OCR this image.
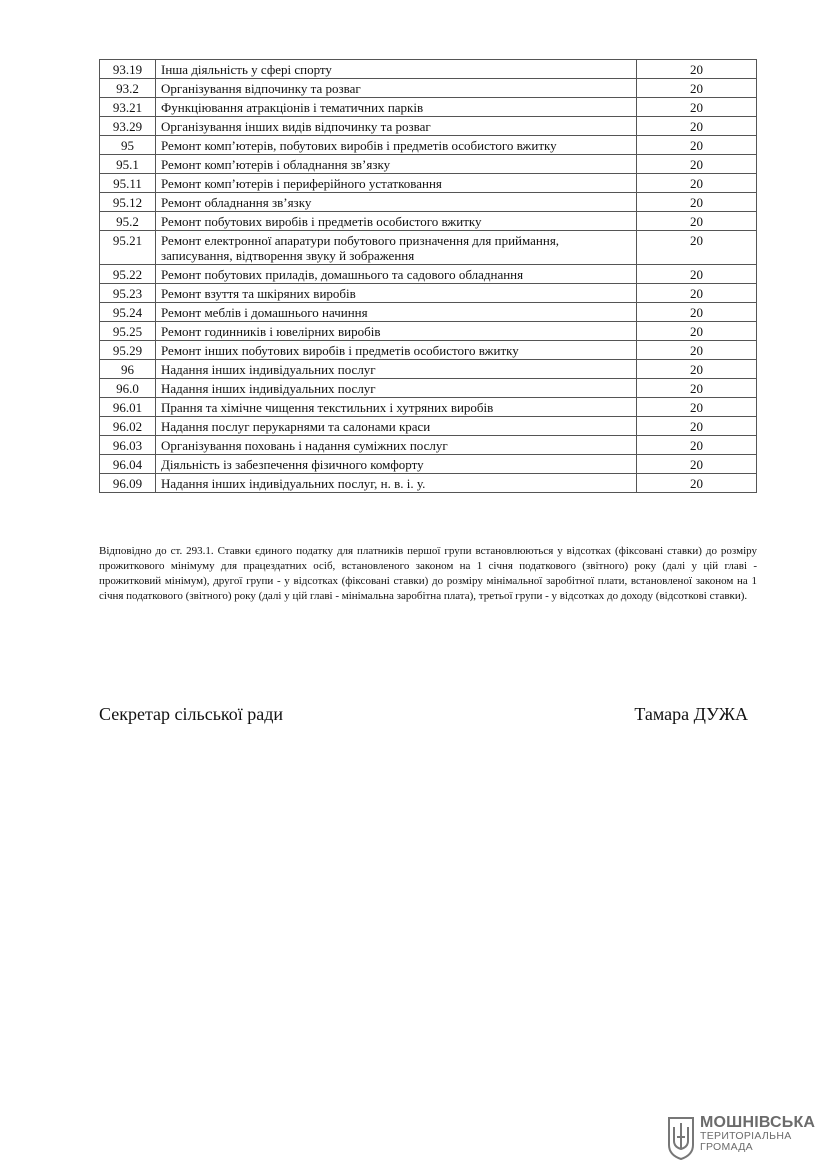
93.19	Інша діяльність у сфері спорту	20
93.2	Організування відпочинку та розваг	20
93.21	Функціювання атракціонів і тематичних парків	20
93.29	Організування інших видів відпочинку та розваг	20
95	Ремонт комп’ютерів, побутових виробів і предметів особистого вжитку	20
95.1	Ремонт комп’ютерів і обладнання зв’язку	20
95.11	Ремонт комп’ютерів і периферійного устатковання	20
95.12	Ремонт обладнання зв’язку	20
95.2	Ремонт побутових виробів і предметів особистого вжитку	20
95.21	Ремонт електронної апаратури побутового призначення для приймання, записування, відтворення звуку й зображення	20
95.22	Ремонт побутових приладів, домашнього та садового обладнання	20
95.23	Ремонт взуття та шкіряних виробів	20
95.24	Ремонт меблів і домашнього начиння	20
95.25	Ремонт годинників і ювелірних виробів	20
95.29	Ремонт інших побутових виробів і предметів особистого вжитку	20
96	Надання інших індивідуальних послуг	20
96.0	Надання інших індивідуальних послуг	20
96.01	Прання та хімічне чищення текстильних і хутряних виробів	20
96.02	Надання послуг перукарнями та салонами краси	20
96.03	Організування поховань і надання суміжних послуг	20
96.04	Діяльність із забезпечення фізичного комфорту	20
96.09	Надання інших індивідуальних послуг, н. в. і. у.	20

Відповідно до ст. 293.1. Ставки єдиного податку для платників першої групи встановлюються у відсотках (фіксовані ставки) до розміру прожиткового мінімуму для працездатних осіб, встановленого законом на 1 січня податкового (звітного) року (далі у цій главі - прожитковий мінімум), другої групи - у відсотках (фіксовані ставки) до розміру мінімальної заробітної плати, встановленої законом на 1 січня податкового (звітного) року (далі у цій главі - мінімальна заробітна плата), третьої групи - у відсотках до доходу (відсоткові ставки).

Секретар сільської ради	Тамара ДУЖА
МОШНІВСЬКА
ТЕРИТОРІАЛЬНА
ГРОМАДА
